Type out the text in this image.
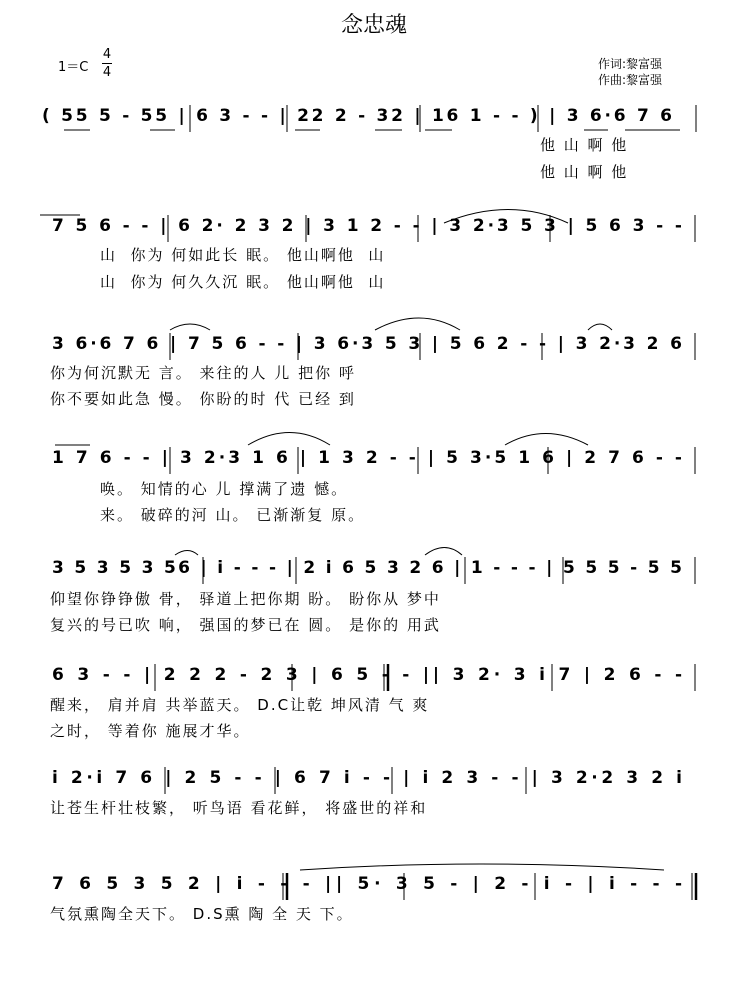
念忠魂
1＝C
4
4
作词:黎富强
作曲:黎富强
( 55 5 - 55 | 6 3 - - | 22 2 - 32 | 16 1 - - ) | 3 6·6 7 6
他 山 啊 他
他 山 啊 他
7 5 6 - - | 6 2· 2 3 2 | 3 1 2 - - | 3 2·3 5 3 | 5 6 3 - -
山  你为 何如此长 眠。 他山啊他  山
山  你为 何久久沉 眠。 他山啊他  山
3 6·6 7 6 | 7 5 6 - - | 3 6·3 5 3 | 5 6 2 - - | 3 2·3 2 6
你为何沉默无 言。 来往的人 儿 把你 呼
你不要如此急 慢。 你盼的时 代 已经 到
1 7 6 - - | 3 2·3 1 6 | 1 3 2 - - | 5 3·5 1 6 | 2 7 6 - -
唤。 知情的心 儿 撑满了遗 憾。
来。 破碎的河 山。 已渐渐复 原。
3 5 3 5 3 56 | i - - - | 2 i 6 5 3 2 6 | 1 - - - | 5 5 5 - 5 5
仰望你铮铮傲 骨， 驿道上把你期 盼。 盼你从 梦中
复兴的号已吹 响， 强国的梦已在 圆。 是你的 用武
6 3 - - | 2 2 2 - 2 3 | 6 5 - - || 3 2· 3 i 7 | 2 6 - -
醒来， 肩并肩 共举蓝天。 D.C让乾 坤风清 气 爽
之时， 等着你 施展才华。
i 2·i 7 6 | 2 5 - - | 6 7 i - - | i 2 3 - - | 3 2·2 3 2 i
让苍生杆壮枝繁， 听鸟语 看花鲜， 将盛世的祥和
7 6 5 3 5 2 | i - - - || 5· 3 5 - | 2 - i - | i - - -
气氛熏陶全天下。 D.S熏 陶 全 天 下。
